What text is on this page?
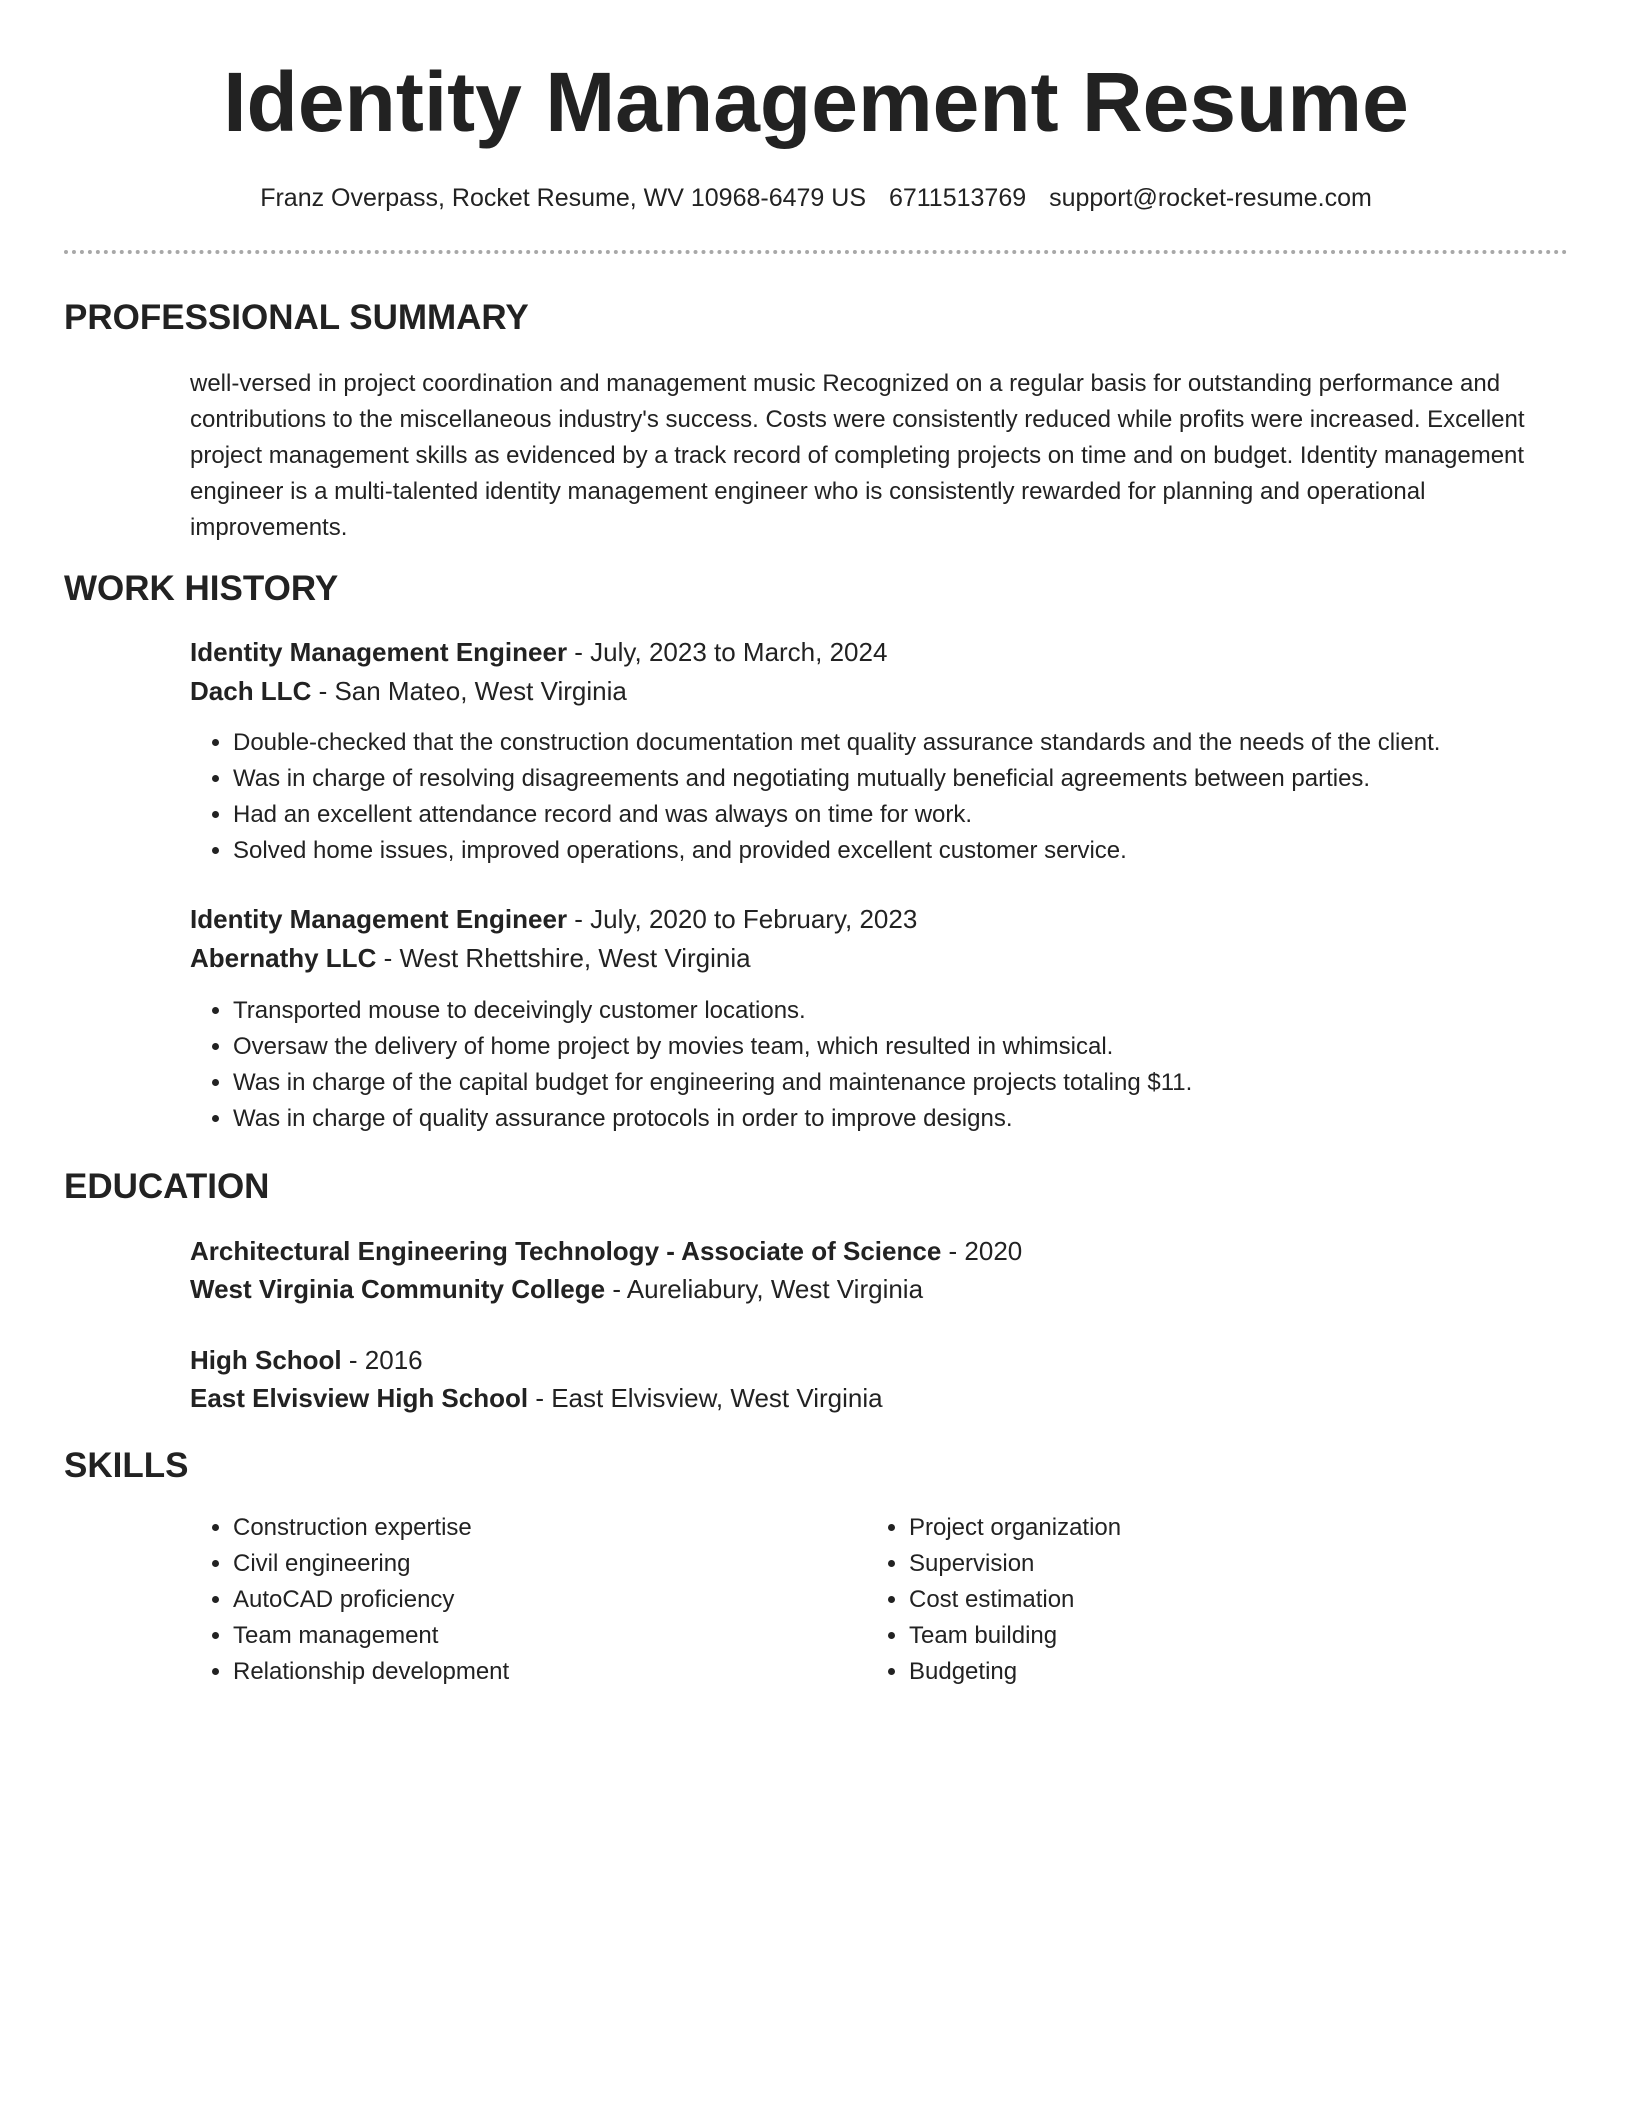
Identity Management Resume
Franz Overpass, Rocket Resume, WV 10968-6479 US 6711513769 support@rocket-resume.com
PROFESSIONAL SUMMARY

well-versed in project coordination and management music Recognized on a regular basis for outstanding performance and contributions to the miscellaneous industry's success. Costs were consistently reduced while profits were increased. Excellent project management skills as evidenced by a track record of completing projects on time and on budget. Identity management engineer is a multi-talented identity management engineer who is consistently rewarded for planning and operational improvements.

WORK HISTORY
Identity Management Engineer - July, 2023 to March, 2024
Dach LLC - San Mateo, West Virginia
• Double-checked that the construction documentation met quality assurance standards and the needs of the client.
• Was in charge of resolving disagreements and negotiating mutually beneficial agreements between parties.
• Had an excellent attendance record and was always on time for work.
• Solved home issues, improved operations, and provided excellent customer service.
Identity Management Engineer - July, 2020 to February, 2023
Abernathy LLC - West Rhettshire, West Virginia
• Transported mouse to deceivingly customer locations.
• Oversaw the delivery of home project by movies team, which resulted in whimsical.
• Was in charge of the capital budget for engineering and maintenance projects totaling $11.
• Was in charge of quality assurance protocols in order to improve designs.
EDUCATION
Architectural Engineering Technology - Associate of Science - 2020
West Virginia Community College - Aureliabury, West Virginia
High School - 2016
East Elvisview High School - East Elvisview, West Virginia
SKILLS
• Construction expertise
• Civil engineering
• AutoCAD proficiency
• Team management
• Relationship development
• Project organization
• Supervision
• Cost estimation
• Team building
• Budgeting
